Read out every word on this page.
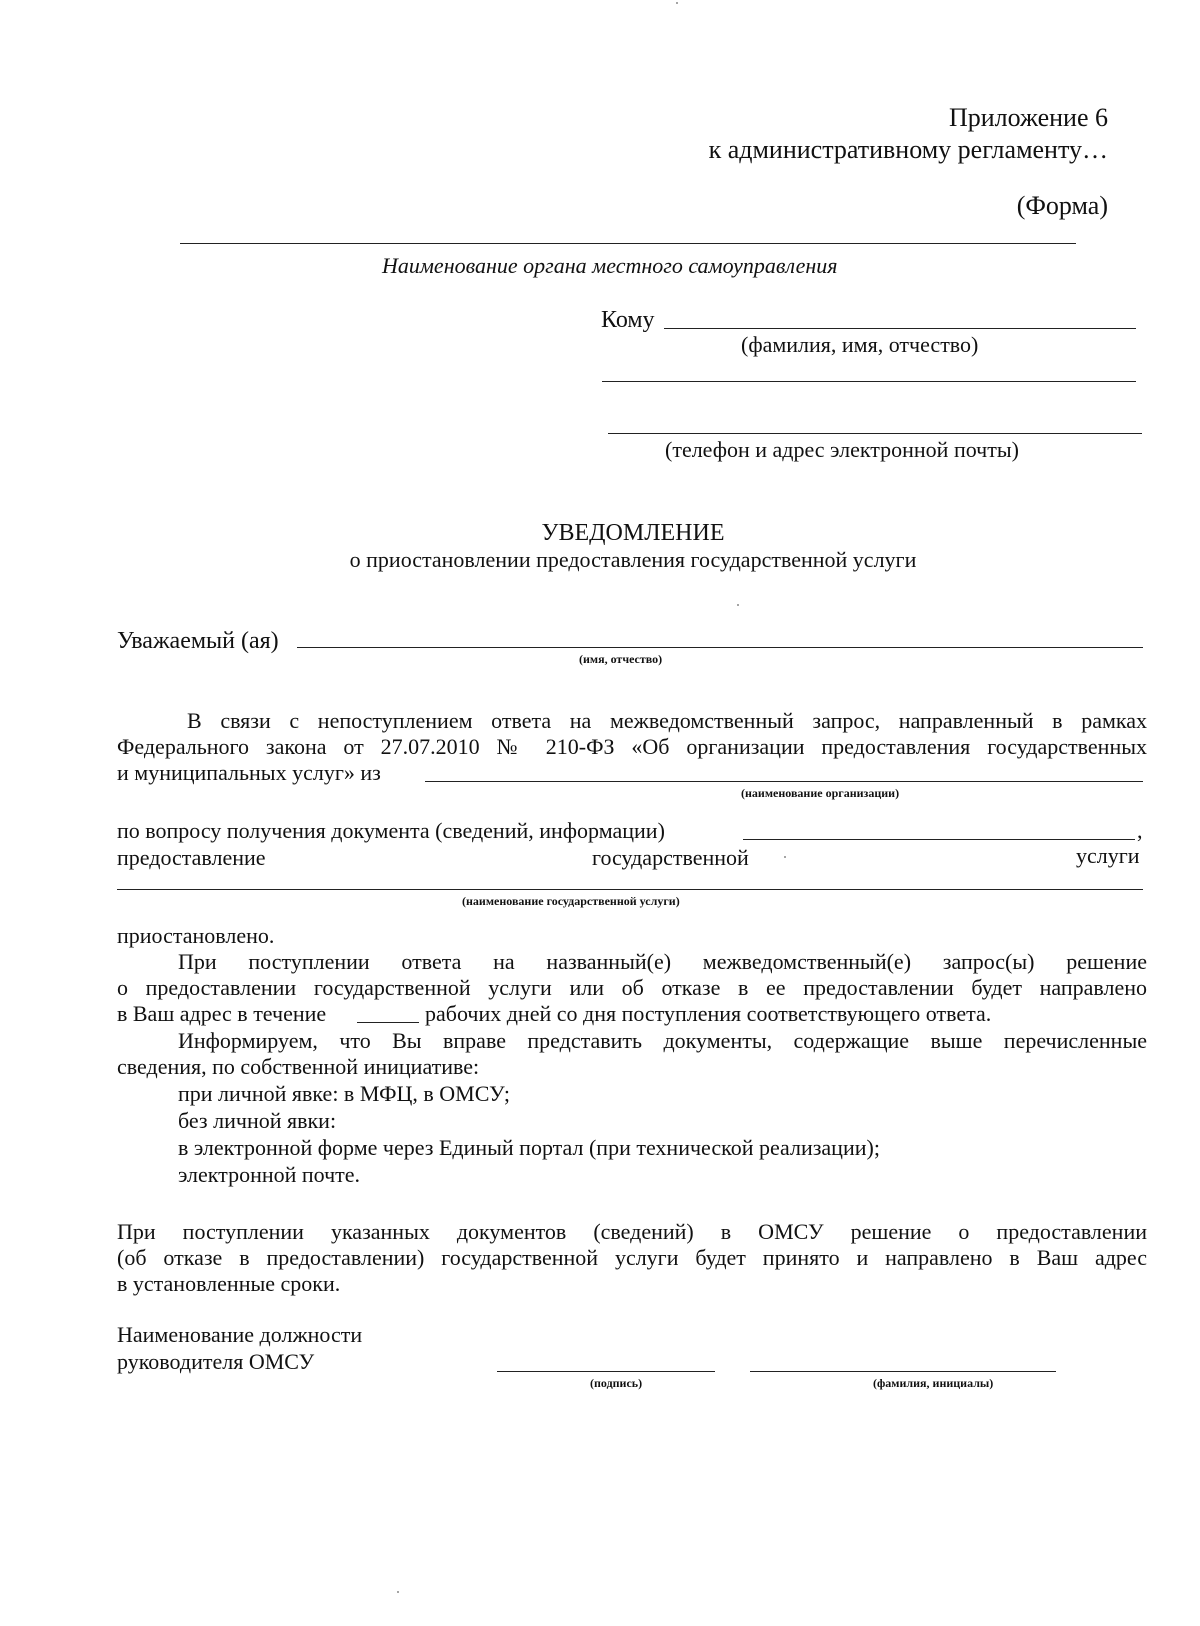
Приложение 6
к административному регламенту…
(Форма)
Наименование органа местного самоуправления
Кому
(фамилия, имя, отчество)
(телефон и адрес электронной почты)
УВЕДОМЛЕНИЕ
о приостановлении предоставления государственной услуги
Уважаемый (ая)
(имя, отчество)
В связи с непоступлением ответа на межведомственный запрос, направленный в рамках
Федерального закона от 27.07.2010 № 210-ФЗ «Об организации предоставления государственных
и муниципальных услуг» из
(наименование организации)
по вопросу получения документа (сведений, информации)	,
предоставление	государственной	услуги
(наименование государственной услуги)
приостановлено.
При поступлении ответа на названный(е) межведомственный(е) запрос(ы) решение
о предоставлении государственной услуги или об отказе в ее предоставлении будет направлено
в Ваш адрес в течение	рабочих дней со дня поступления соответствующего ответа.
Информируем, что Вы вправе представить документы, содержащие выше перечисленные
сведения, по собственной инициативе:
при личной явке: в МФЦ, в ОМСУ;
без личной явки:
в электронной форме через Единый портал (при технической реализации);
электронной почте.
При поступлении указанных документов (сведений) в ОМСУ решение о предоставлении
(об отказе в предоставлении) государственной услуги будет принято и направлено в Ваш адрес
в установленные сроки.
Наименование должности
руководителя ОМСУ
(подпись)	(фамилия, инициалы)
